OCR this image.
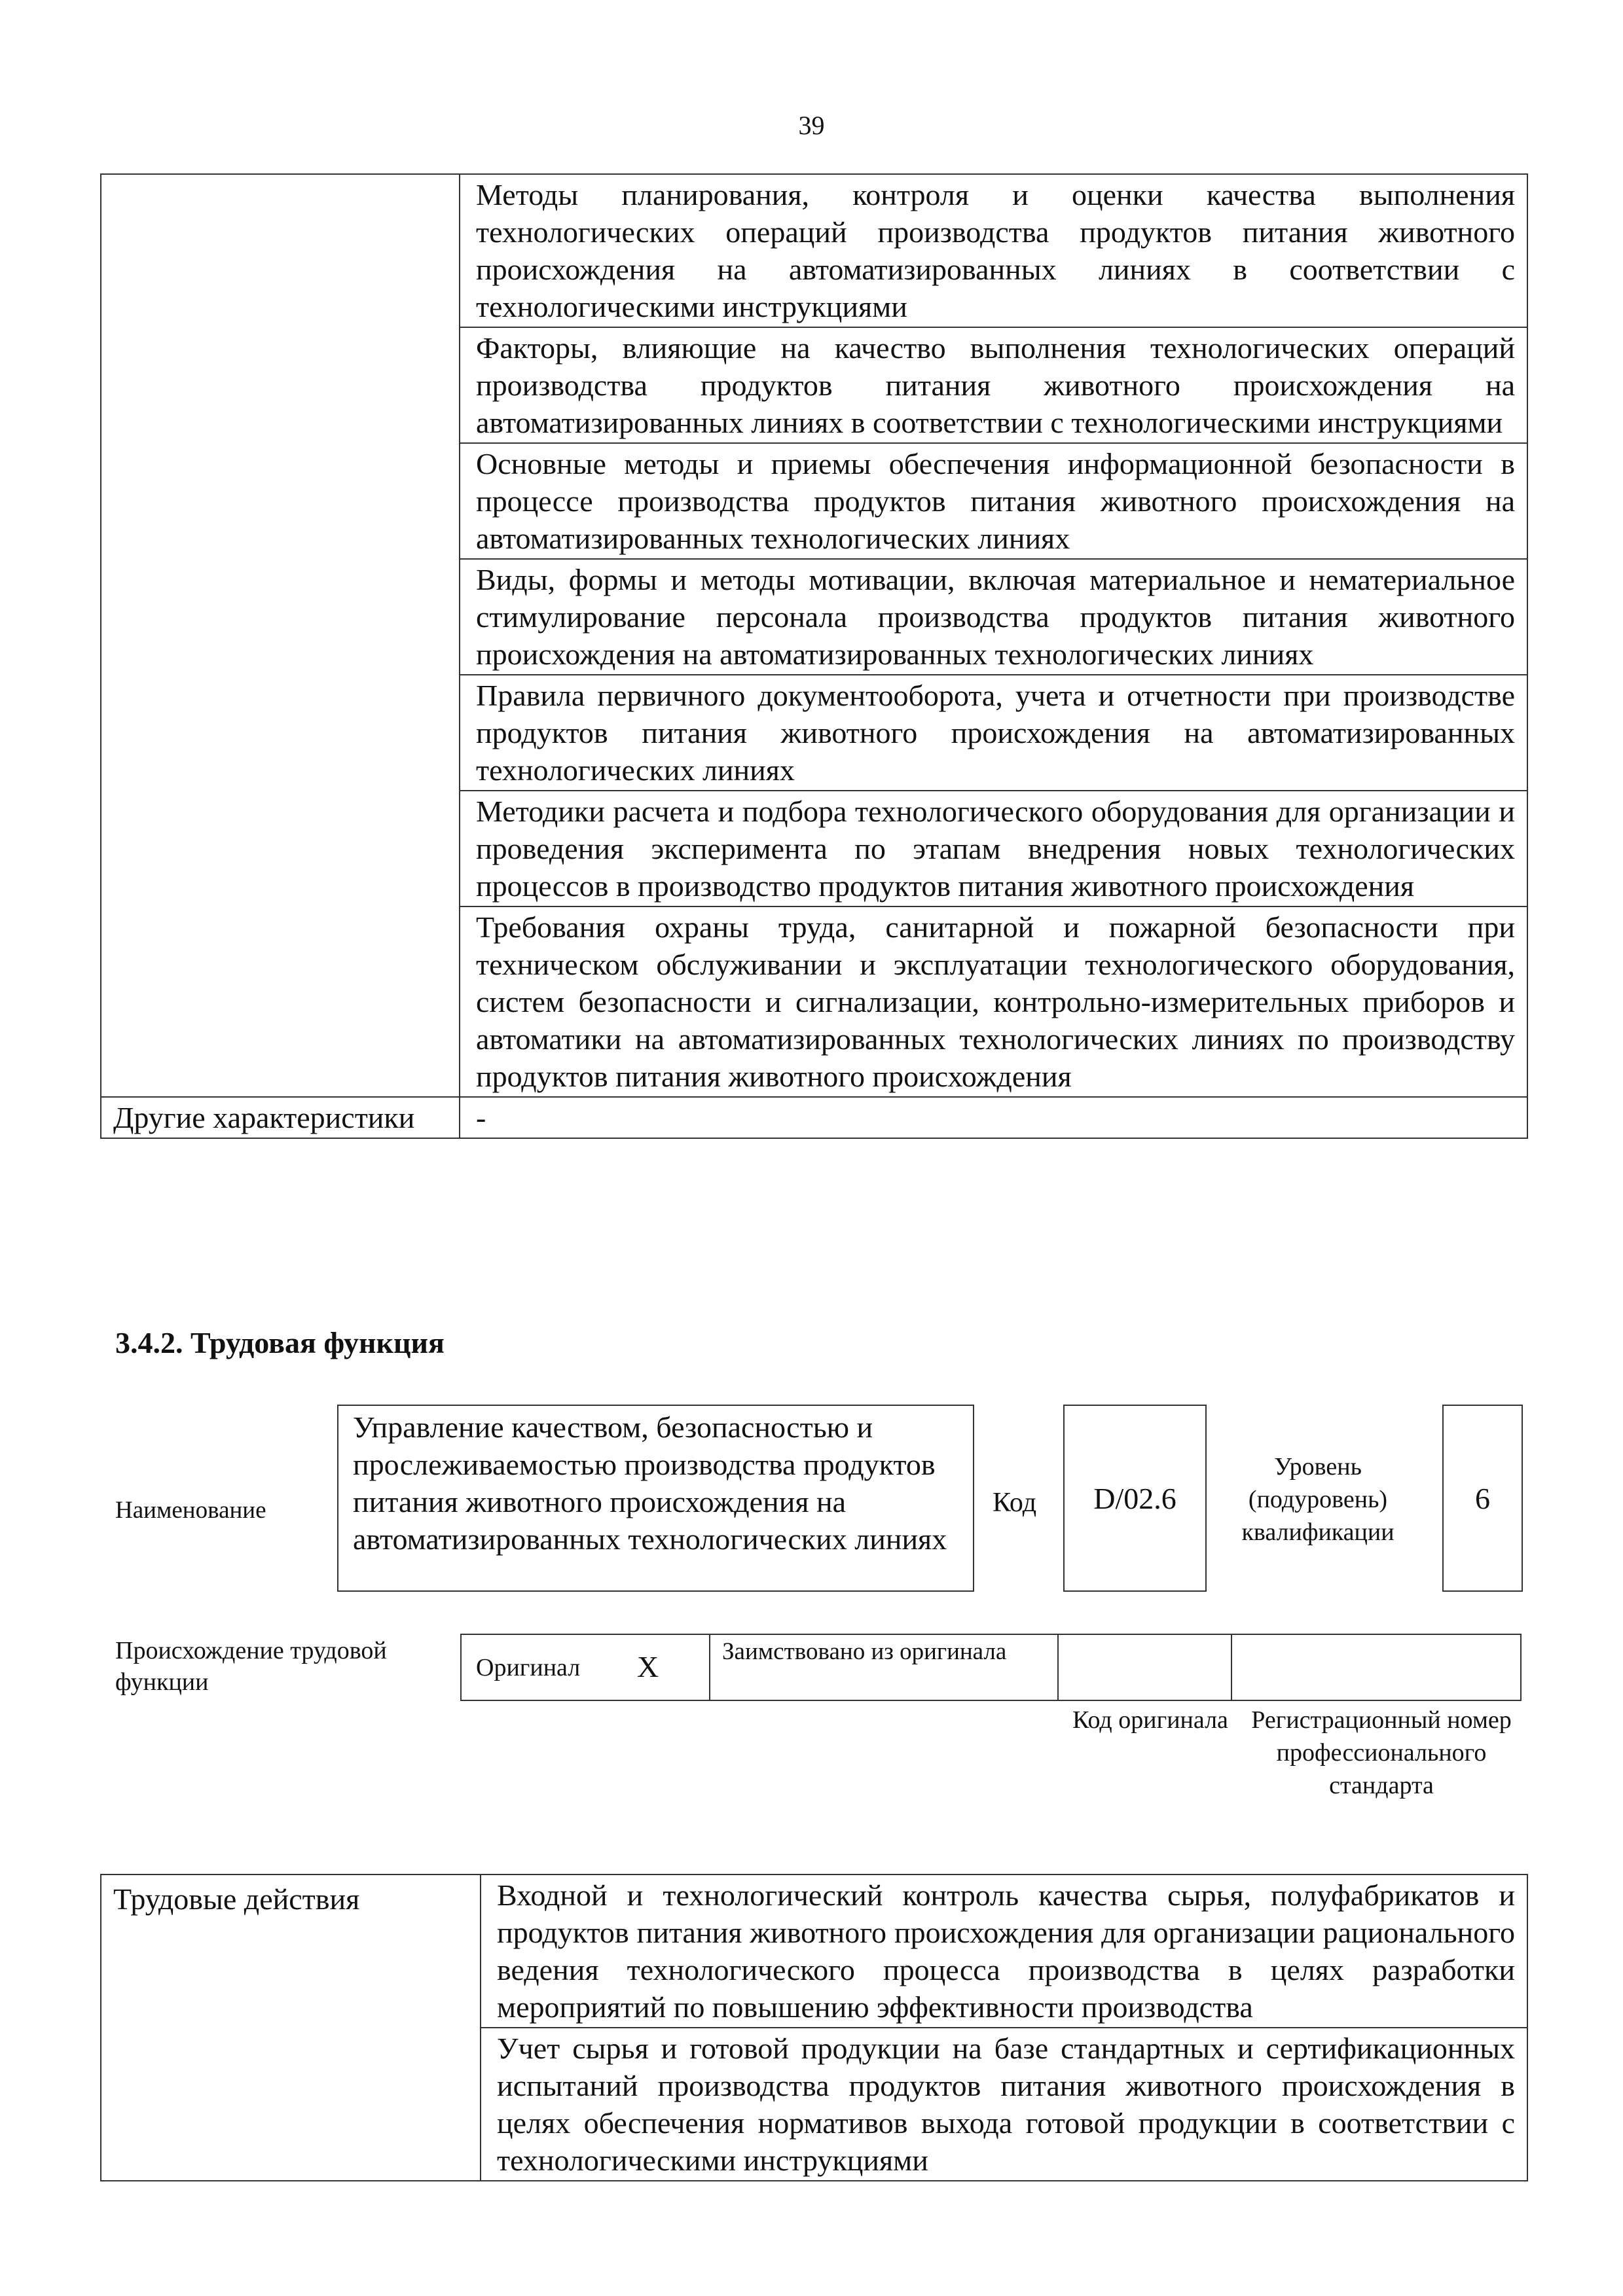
39

	Методы планирования, контроля и оценки качества выполнения технологических операций производства продуктов питания животного происхождения на автоматизированных линиях в соответствии с технологическими инструкциями

	Факторы, влияющие на качество выполнения технологических операций производства продуктов питания животного происхождения на автоматизированных линиях в соответствии с технологическими инструкциями

	Основные методы и приемы обеспечения информационной безопасности в процессе производства продуктов питания животного происхождения на автоматизированных технологических линиях

	Виды, формы и методы мотивации, включая материальное и нематериальное стимулирование персонала производства продуктов питания животного происхождения на автоматизированных технологических линиях

	Правила первичного документооборота, учета и отчетности при производстве продуктов питания животного происхождения на автоматизированных технологических линиях

	Методики расчета и подбора технологического оборудования для организации и проведения эксперимента по этапам внедрения новых технологических процессов в производство продуктов питания животного происхождения

	Требования охраны труда, санитарной и пожарной безопасности при техническом обслуживании и эксплуатации технологического оборудования, систем безопасности и сигнализации, контрольно-измерительных приборов и автоматики на автоматизированных технологических линиях по производству продуктов питания животного происхождения

Другие характеристики	-
3.4.2. Трудовая функция
Наименование
Управление качеством, безопасностью и прослеживаемостью производства продуктов питания животного происхождения на автоматизированных технологических линиях
Код D/02.6
Уровень (подуровень) квалификации
6
Происхождение трудовой функции
Оригинал X	Заимствовано из оригинала
Код оригинала Регистрационный номер профессионального стандарта
Трудовые действия	Входной и технологический контроль качества сырья, полуфабрикатов и продуктов питания животного происхождения для организации рационального ведения технологического процесса производства в целях разработки мероприятий по повышению эффективности производства

Учет сырья и готовой продукции на базе стандартных и сертификационных испытаний производства продуктов питания животного происхождения в целях обеспечения нормативов выхода готовой продукции в соответствии с технологическими инструкциями
